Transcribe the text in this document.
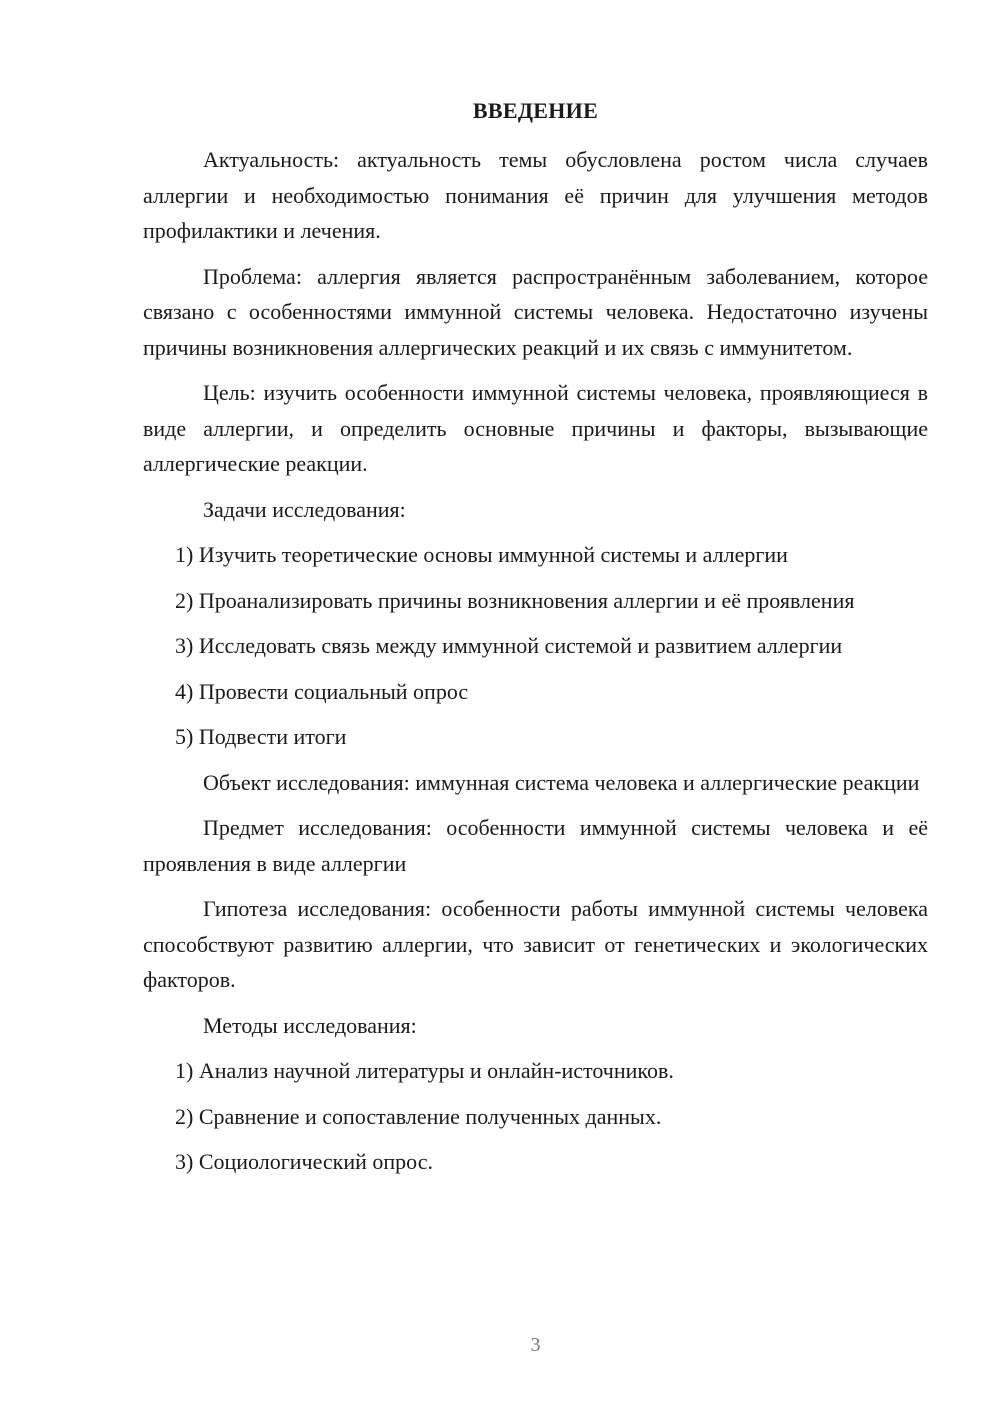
ВВЕДЕНИЕ

Актуальность: актуальность темы обусловлена ростом числа случаев аллергии и необходимостью понимания её причин для улучшения методов профилактики и лечения.

Проблема: аллергия является распространённым заболеванием, которое связано с особенностями иммунной системы человека. Недостаточно изучены причины возникновения аллергических реакций и их связь с иммунитетом.

Цель: изучить особенности иммунной системы человека, проявляющиеся в виде аллергии, и определить основные причины и факторы, вызывающие аллергические реакции.

Задачи исследования:

1) Изучить теоретические основы иммунной системы и аллергии

2) Проанализировать причины возникновения аллергии и её проявления

3) Исследовать связь между иммунной системой и развитием аллергии

4) Провести социальный опрос

5) Подвести итоги

Объект исследования: иммунная система человека и аллергические реакции

Предмет исследования: особенности иммунной системы человека и её проявления в виде аллергии

Гипотеза исследования: особенности работы иммунной системы человека способствуют развитию аллергии, что зависит от генетических и экологических факторов.

Методы исследования:

1) Анализ научной литературы и онлайн-источников.

2) Сравнение и сопоставление полученных данных.

3) Социологический опрос.

3
